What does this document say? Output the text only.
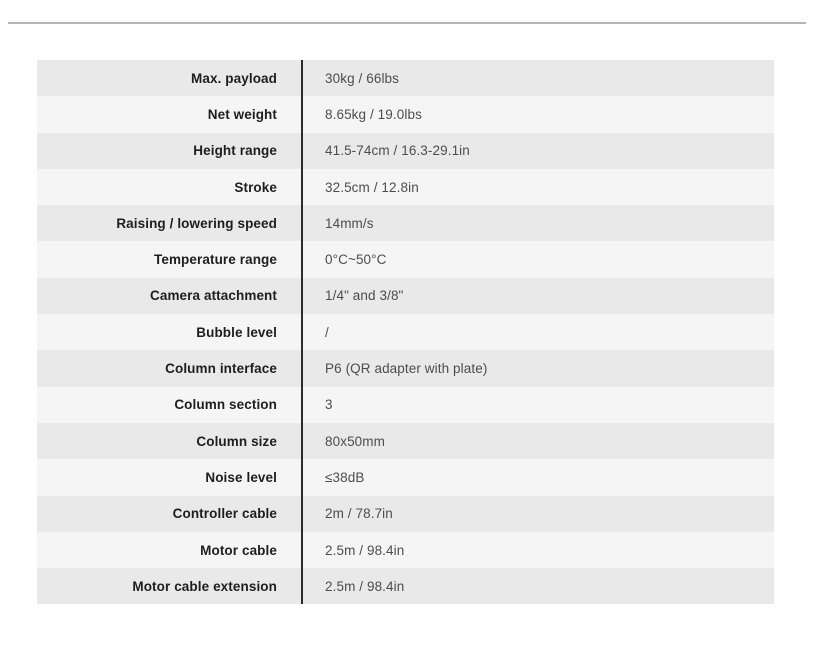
Max. payload	30kg / 66lbs
Net weight	8.65kg / 19.0lbs
Height range	41.5-74cm / 16.3-29.1in
Stroke	32.5cm / 12.8in
Raising / lowering speed	14mm/s
Temperature range	0°C~50°C
Camera attachment	1/4" and 3/8"
Bubble level	/
Column interface	P6 (QR adapter with plate)
Column section	3
Column size	80x50mm
Noise level	≤38dB
Controller cable	2m / 78.7in
Motor cable	2.5m / 98.4in
Motor cable extension	2.5m / 98.4in
